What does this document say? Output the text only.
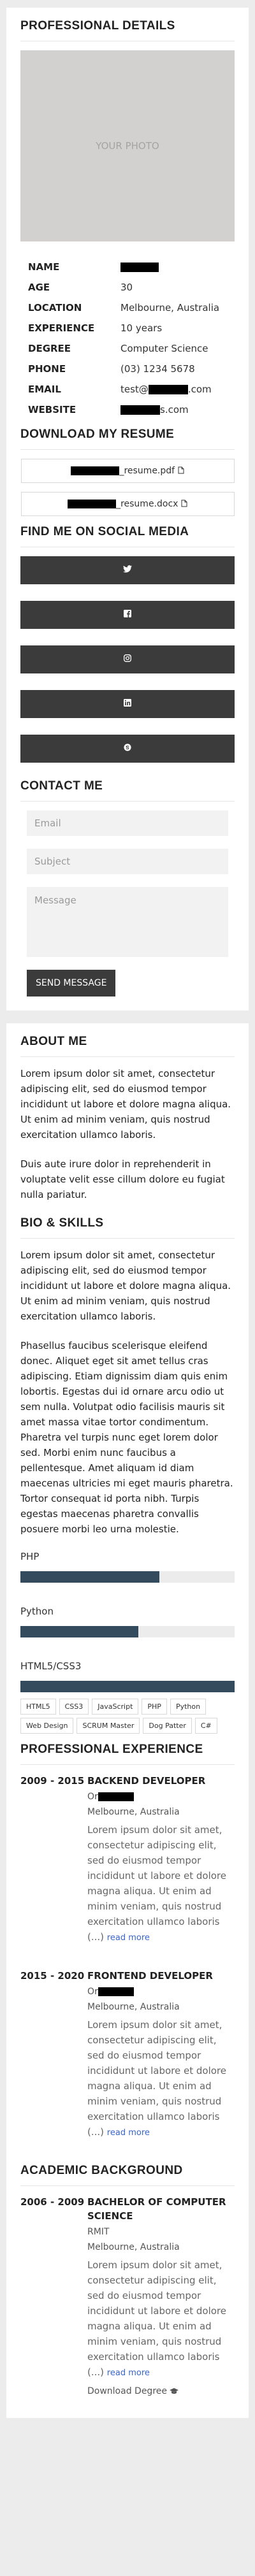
PROFESSIONAL DETAILS
YOUR PHOTO
NAME	
AGE	30
LOCATION	Melbourne, Australia
EXPERIENCE	10 years
DEGREE	Computer Science
PHONE	(03) 1234 5678
EMAIL	test@ .com
WEBSITE	s.com
DOWNLOAD MY RESUME
_resume.pdf
_resume.docx
FIND ME ON SOCIAL MEDIA
CONTACT ME
Email
Subject
Message
SEND MESSAGE
ABOUT ME

Lorem ipsum dolor sit amet, consectetur adipiscing elit, sed do eiusmod tempor incididunt ut labore et dolore magna aliqua. Ut enim ad minim veniam, quis nostrud exercitation ullamco laboris.

Duis aute irure dolor in reprehenderit in voluptate velit esse cillum dolore eu fugiat nulla pariatur.

BIO & SKILLS

Lorem ipsum dolor sit amet, consectetur adipiscing elit, sed do eiusmod tempor incididunt ut labore et dolore magna aliqua. Ut enim ad minim veniam, quis nostrud exercitation ullamco laboris.

Phasellus faucibus scelerisque eleifend donec. Aliquet eget sit amet tellus cras adipiscing. Etiam dignissim diam quis enim lobortis. Egestas dui id ornare arcu odio ut sem nulla. Volutpat odio facilisis mauris sit amet massa vitae tortor condimentum. Pharetra vel turpis nunc eget lorem dolor sed. Morbi enim nunc faucibus a pellentesque. Amet aliquam id diam maecenas ultricies mi eget mauris pharetra. Tortor consequat id porta nibh. Turpis egestas maecenas pharetra convallis posuere morbi leo urna molestie.

PHP
Python
HTML5/CSS3
HTML5	CSS3	JavaScript	PHP	Python
Web Design	SCRUM Master	Dog Patter	C#
PROFESSIONAL EXPERIENCE
2009 - 2015 BACKEND DEVELOPER
Or
Melbourne, Australia
Lorem ipsum dolor sit amet, consectetur adipiscing elit, sed do eiusmod tempor incididunt ut labore et dolore magna aliqua. Ut enim ad minim veniam, quis nostrud exercitation ullamco laboris (...) read more
2015 - 2020 FRONTEND DEVELOPER
Or
Melbourne, Australia
Lorem ipsum dolor sit amet, consectetur adipiscing elit, sed do eiusmod tempor incididunt ut labore et dolore magna aliqua. Ut enim ad minim veniam, quis nostrud exercitation ullamco laboris (...) read more
ACADEMIC BACKGROUND
2006 - 2009 BACHELOR OF COMPUTER SCIENCE
RMIT
Melbourne, Australia
Lorem ipsum dolor sit amet, consectetur adipiscing elit, sed do eiusmod tempor incididunt ut labore et dolore magna aliqua. Ut enim ad minim veniam, quis nostrud exercitation ullamco laboris (...) read more
Download Degree
